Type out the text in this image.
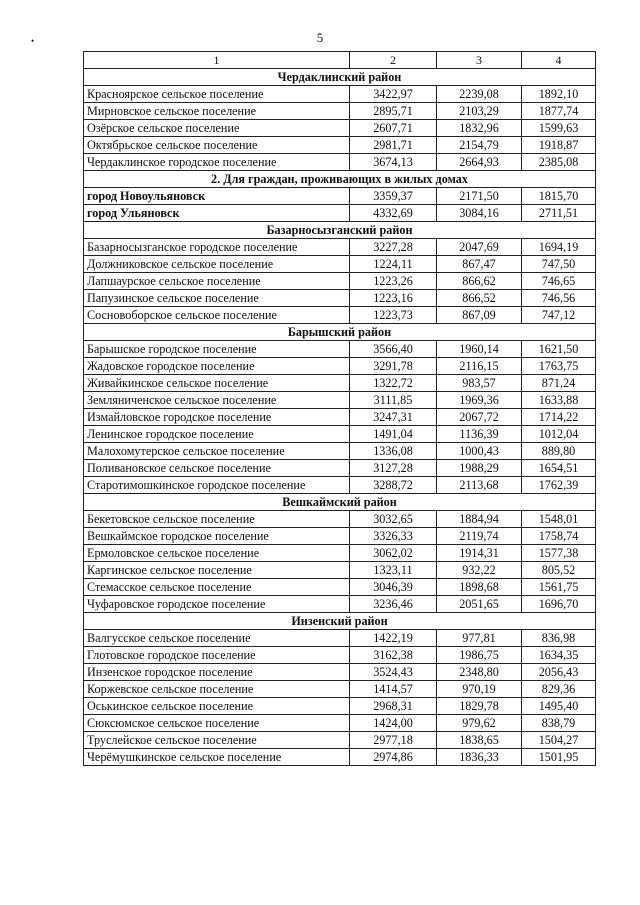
•	5
1	2	3	4
Чердаклинский район			
Красноярское сельское поселение	3422,97	2239,08	1892,10
Мирновское сельское поселение	2895,71	2103,29	1877,74
Озёрское сельское поселение	2607,71	1832,96	1599,63
Октябрьское сельское поселение	2981,71	2154,79	1918,87
Чердаклинское городское поселение	3674,13	2664,93	2385,08
2. Для граждан, проживающих в жилых домах			
город Новоульяновск	3359,37	2171,50	1815,70
город Ульяновск	4332,69	3084,16	2711,51
Базарносызганский район			
Базарносызганское городское поселение	3227,28	2047,69	1694,19
Должниковское сельское поселение	1224,11	867,47	747,50
Лапшаурское сельское поселение	1223,26	866,62	746,65
Папузинское сельское поселение	1223,16	866,52	746,56
Сосновоборское сельское поселение	1223,73	867,09	747,12
Барышский район			
Барышское городское поселение	3566,40	1960,14	1621,50
Жадовское городское поселение	3291,78	2116,15	1763,75
Живайкинское сельское поселение	1322,72	983,57	871,24
Земляниченское сельское поселение	3111,85	1969,36	1633,88
Измайловское городское поселение	3247,31	2067,72	1714,22
Ленинское городское поселение	1491,04	1136,39	1012,04
Малохомутерское сельское поселение	1336,08	1000,43	889,80
Поливановское сельское поселение	3127,28	1988,29	1654,51
Старотимошкинское городское поселение	3288,72	2113,68	1762,39
Вешкаймский район			
Бекетовское сельское поселение	3032,65	1884,94	1548,01
Вешкаймское городское поселение	3326,33	2119,74	1758,74
Ермоловское сельское поселение	3062,02	1914,31	1577,38
Каргинское сельское поселение	1323,11	932,22	805,52
Стемасское сельское поселение	3046,39	1898,68	1561,75
Чуфаровское городское поселение	3236,46	2051,65	1696,70
Инзенский район			
Валгусское сельское поселение	1422,19	977,81	836,98
Глотовское городское поселение	3162,38	1986,75	1634,35
Инзенское городское поселение	3524,43	2348,80	2056,43
Коржевское сельское поселение	1414,57	970,19	829,36
Оськинское сельское поселение	2968,31	1829,78	1495,40
Сюксюмское сельское поселение	1424,00	979,62	838,79
Труслейское сельское поселение	2977,18	1838,65	1504,27
Черёмушкинское сельское поселение	2974,86	1836,33	1501,95
